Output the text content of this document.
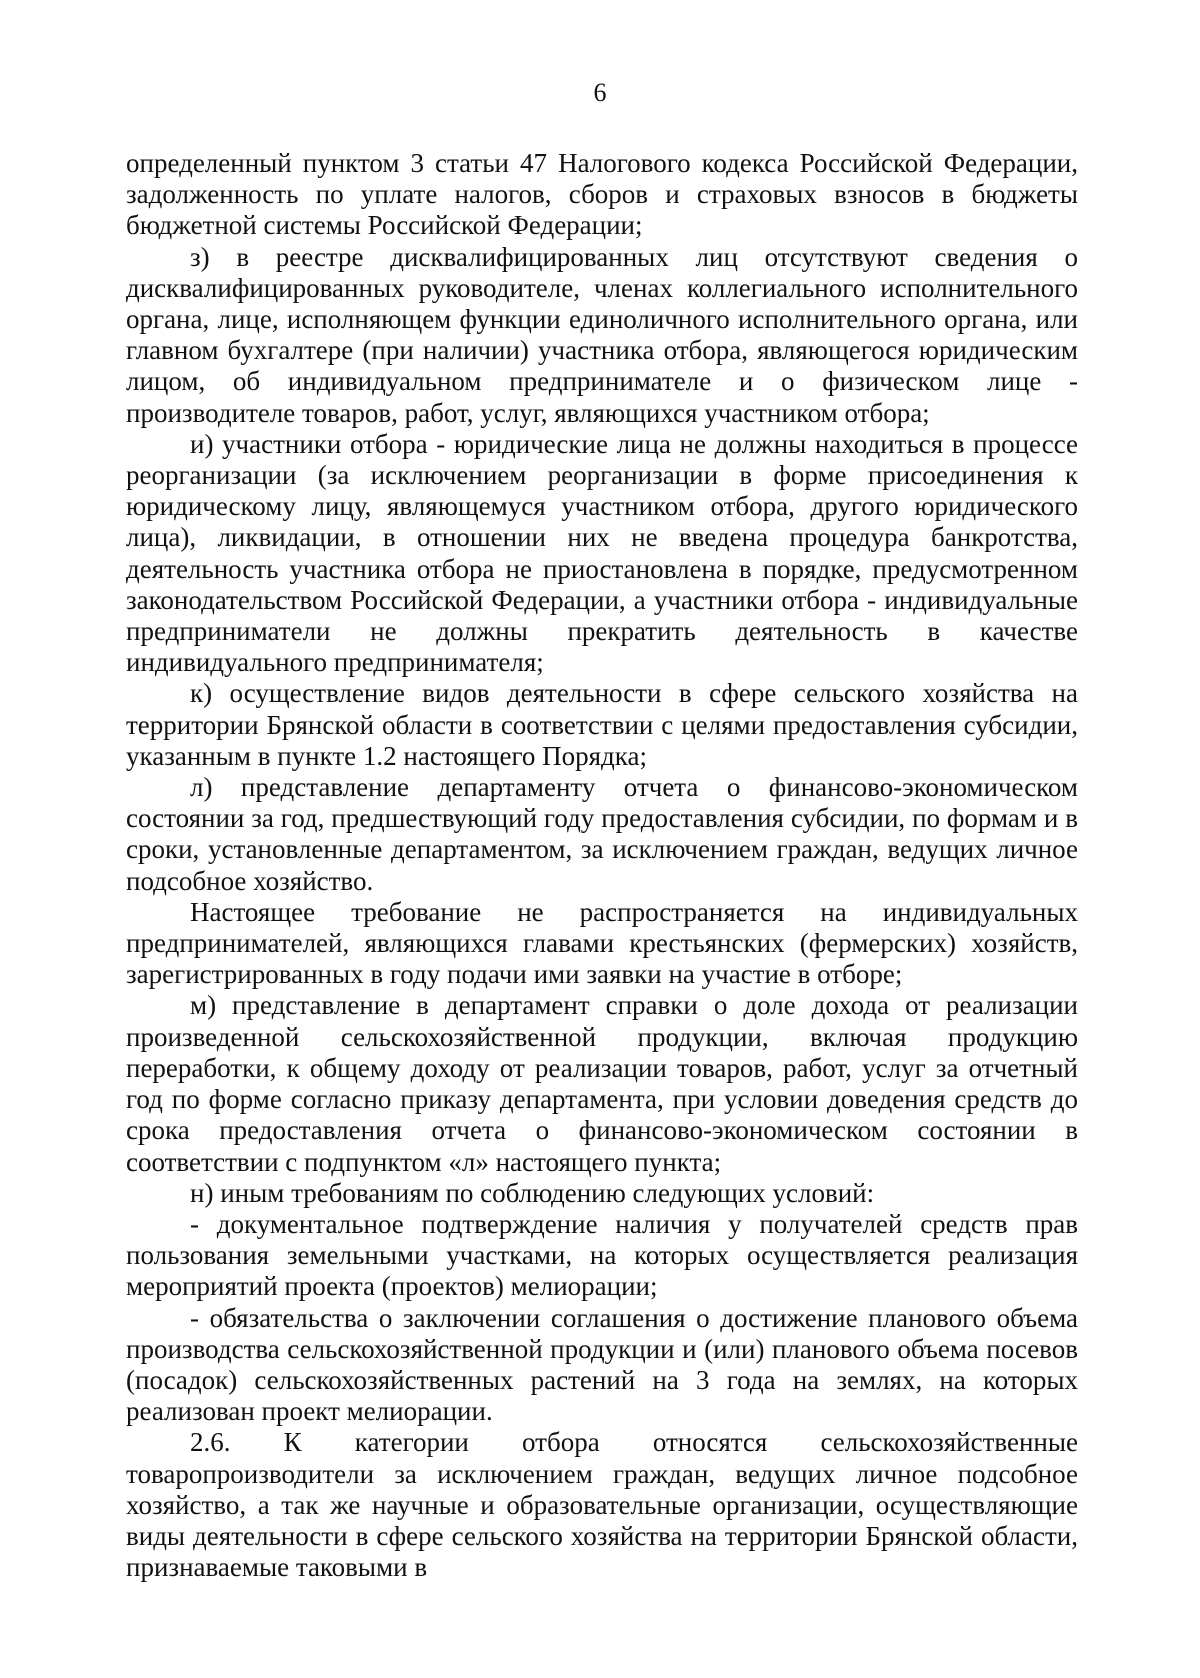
6

определенный пунктом 3 статьи 47 Налогового кодекса Российской Федерации, задолженность по уплате налогов, сборов и страховых взносов в бюджеты бюджетной системы Российской Федерации;

з) в реестре дисквалифицированных лиц отсутствуют сведения о дисквалифицированных руководителе, членах коллегиального исполнительного органа, лице, исполняющем функции единоличного исполнительного органа, или главном бухгалтере (при наличии) участника отбора, являющегося юридическим лицом, об индивидуальном предпринимателе и о физическом лице - производителе товаров, работ, услуг, являющихся участником отбора;

и) участники отбора - юридические лица не должны находиться в процессе реорганизации (за исключением реорганизации в форме присоединения к юридическому лицу, являющемуся участником отбора, другого юридического лица), ликвидации, в отношении них не введена процедура банкротства, деятельность участника отбора не приостановлена в порядке, предусмотренном законодательством Российской Федерации, а участники отбора - индивидуальные предприниматели не должны прекратить деятельность в качестве индивидуального предпринимателя;

к) осуществление видов деятельности в сфере сельского хозяйства на территории Брянской области в соответствии с целями предоставления субсидии, указанным в пункте 1.2 настоящего Порядка;

л) представление департаменту отчета о финансово-экономическом состоянии за год, предшествующий году предоставления субсидии, по формам и в сроки, установленные департаментом, за исключением граждан, ведущих личное подсобное хозяйство.

Настоящее требование не распространяется на индивидуальных предпринимателей, являющихся главами крестьянских (фермерских) хозяйств, зарегистрированных в году подачи ими заявки на участие в отборе;

м) представление в департамент справки о доле дохода от реализации произведенной сельскохозяйственной продукции, включая продукцию переработки, к общему доходу от реализации товаров, работ, услуг за отчетный год по форме согласно приказу департамента, при условии доведения средств до срока предоставления отчета о финансово-экономическом состоянии в соответствии с подпунктом «л» настоящего пункта;

н) иным требованиям по соблюдению следующих условий:

- документальное подтверждение наличия у получателей средств прав пользования земельными участками, на которых осуществляется реализация мероприятий проекта (проектов) мелиорации;

- обязательства о заключении соглашения о достижение планового объема производства сельскохозяйственной продукции и (или) планового объема посевов (посадок) сельскохозяйственных растений на 3 года на землях, на которых реализован проект мелиорации.

2.6. К категории отбора относятся сельскохозяйственные товаропроизводители за исключением граждан, ведущих личное подсобное хозяйство, а так же научные и образовательные организации, осуществляющие виды деятельности в сфере сельского хозяйства на территории Брянской области, признаваемые таковыми в
